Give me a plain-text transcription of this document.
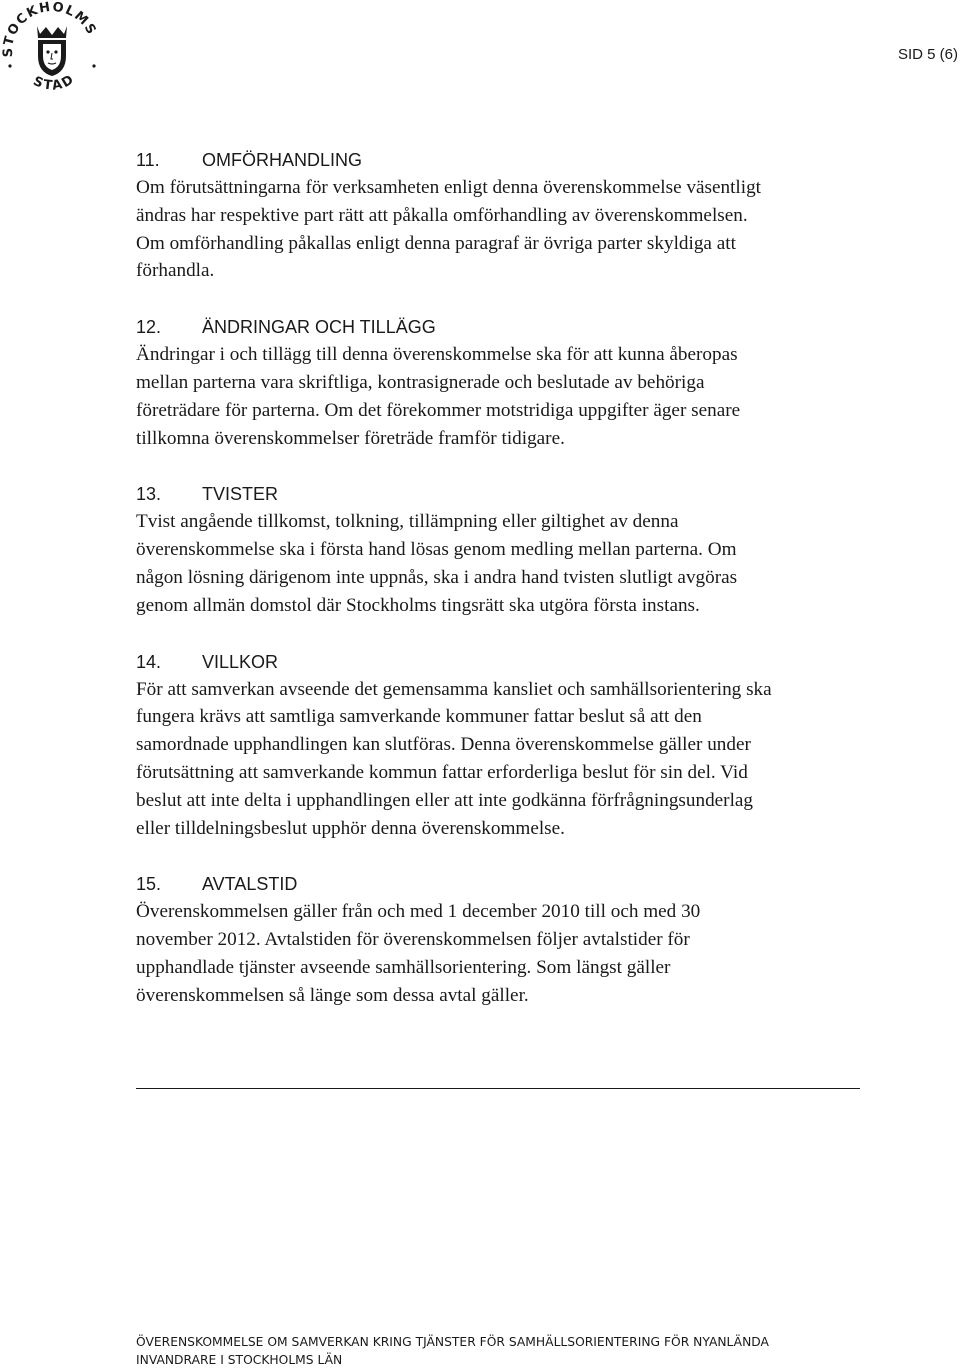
STOCKHOLMS
STAD
SID 5 (6)
11. OMFÖRHANDLING
Om förutsättningarna för verksamheten enligt denna överenskommelse väsentligt
ändras har respektive part rätt att påkalla omförhandling av överenskommelsen.
Om omförhandling påkallas enligt denna paragraf är övriga parter skyldiga att
förhandla.
12. ÄNDRINGAR OCH TILLÄGG
Ändringar i och tillägg till denna överenskommelse ska för att kunna åberopas
mellan parterna vara skriftliga, kontrasignerade och beslutade av behöriga
företrädare för parterna. Om det förekommer motstridiga uppgifter äger senare
tillkomna överenskommelser företräde framför tidigare.
13. TVISTER
Tvist angående tillkomst, tolkning, tillämpning eller giltighet av denna
överenskommelse ska i första hand lösas genom medling mellan parterna. Om
någon lösning därigenom inte uppnås, ska i andra hand tvisten slutligt avgöras
genom allmän domstol där Stockholms tingsrätt ska utgöra första instans.
14. VILLKOR
För att samverkan avseende det gemensamma kansliet och samhällsorientering ska
fungera krävs att samtliga samverkande kommuner fattar beslut så att den
samordnade upphandlingen kan slutföras. Denna överenskommelse gäller under
förutsättning att samverkande kommun fattar erforderliga beslut för sin del. Vid
beslut att inte delta i upphandlingen eller att inte godkänna förfrågningsunderlag
eller tilldelningsbeslut upphör denna överenskommelse.
15. AVTALSTID
Överenskommelsen gäller från och med 1 december 2010 till och med 30
november 2012. Avtalstiden för överenskommelsen följer avtalstider för
upphandlade tjänster avseende samhällsorientering. Som längst gäller
överenskommelsen så länge som dessa avtal gäller.
ÖVERENSKOMMELSE OM SAMVERKAN KRING TJÄNSTER FÖR SAMHÄLLSORIENTERING FÖR NYANLÄNDA
INVANDRARE I STOCKHOLMS LÄN
